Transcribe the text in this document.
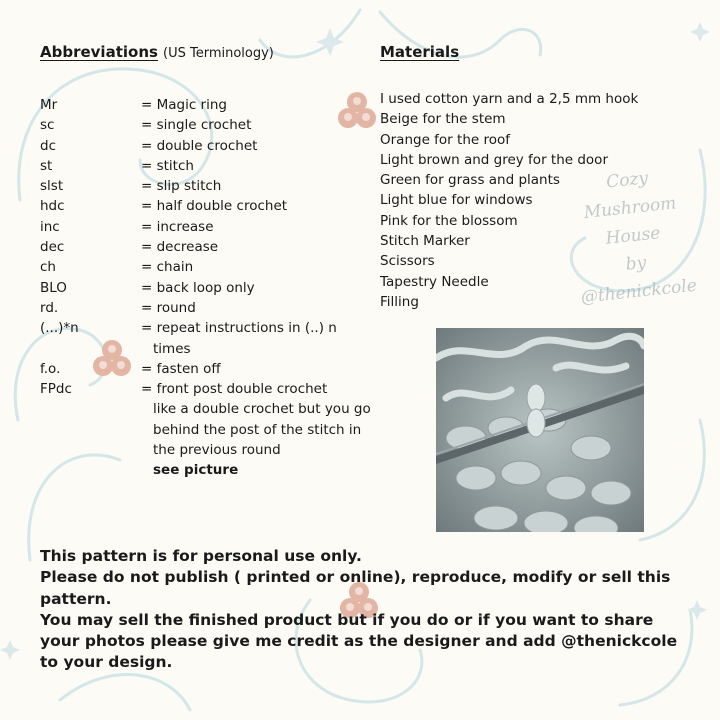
Cozy
Mushroom
House
by
@thenickcole
Abbreviations (US Terminology)	Materials
Mr	= Magic ring
sc	= single crochet
dc	= double crochet
st	= stitch
slst	= slip stitch
hdc	= half double crochet
inc	= increase
dec	= decrease
ch	= chain
BLO	= back loop only
rd.	= round
(...)*n	= repeat instructions in (..) n
times
f.o.	= fasten off
FPdc	= front post double crochet
like a double crochet but you go
behind the post of the stitch in
the previous round
see picture
I used cotton yarn and a 2,5 mm hook
Beige for the stem
Orange for the roof
Light brown and grey for the door
Green for grass and plants
Light blue for windows
Pink for the blossom
Stitch Marker
Scissors
Tapestry Needle
Filling
This pattern is for personal use only.
Please do not publish ( printed or online), reproduce, modify or sell this pattern.
You may sell the finished product but if you do or if you want to share your photos please give me credit as the designer and add @thenickcole to your design.
